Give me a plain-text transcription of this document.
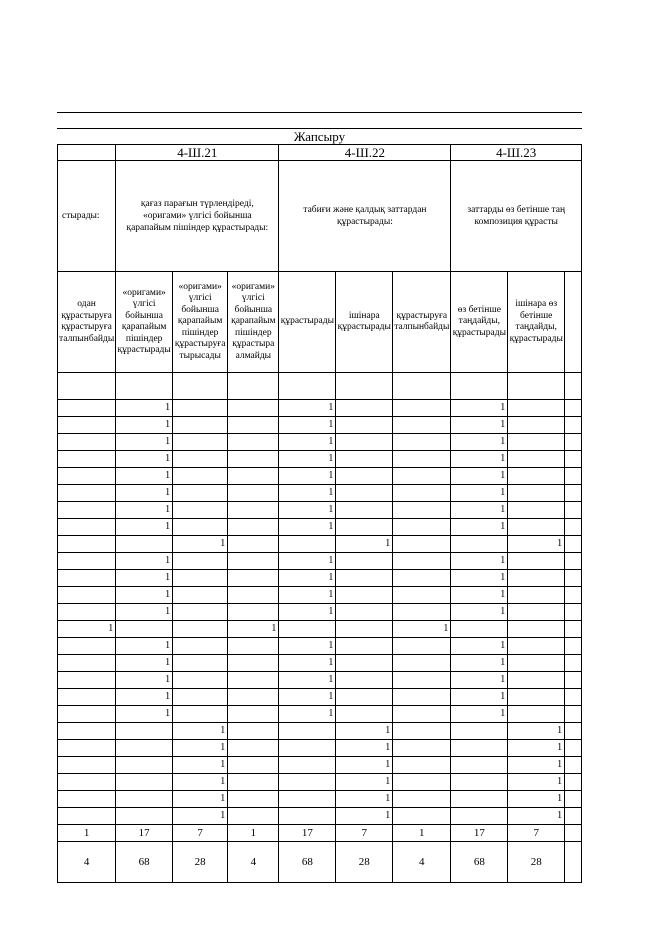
Жапсыру
	4-Ш.21			4-Ш.22			4-Ш.23		
стырады:	қағаз парағын түрлендіреді, «оригами» үлгісі бойынша қарапайым пішіндер құрастырады:			табиғи және қалдық заттардан құрастырады:			заттарды өз бетінше таң композиция құрасты		
одан құрастыруға құрастыруға талпынбайды	«оригами» үлгісі бойынша қарапайым пішіндер құрастырады	«оригами» үлгісі бойынша қарапайым пішіндер құрастыруға тырысады	«оригами» үлгісі бойынша қарапайым пішіндер құрастыра алмайды	құрастырады	ішінара құрастырады	құрастыруға талпынбайды	өз бетінше таңдайды, құрастырады	ішінара өз бетінше таңдайды, құрастырады	

	1			1			1		
	1			1			1		
	1			1			1		
	1			1			1		
	1			1			1		
	1			1			1		
	1			1			1		
	1			1			1		
		1			1			1	
	1			1			1		
	1			1			1		
	1			1			1		
	1			1			1		
1			1			1			
	1			1			1		
	1			1			1		
	1			1			1		
	1			1			1		
	1			1			1		
		1			1			1	
		1			1			1	
		1			1			1	
		1			1			1	
		1			1			1	
		1			1			1	
1	17	7	1	17	7	1	17	7	
4	68	28	4	68	28	4	68	28	
